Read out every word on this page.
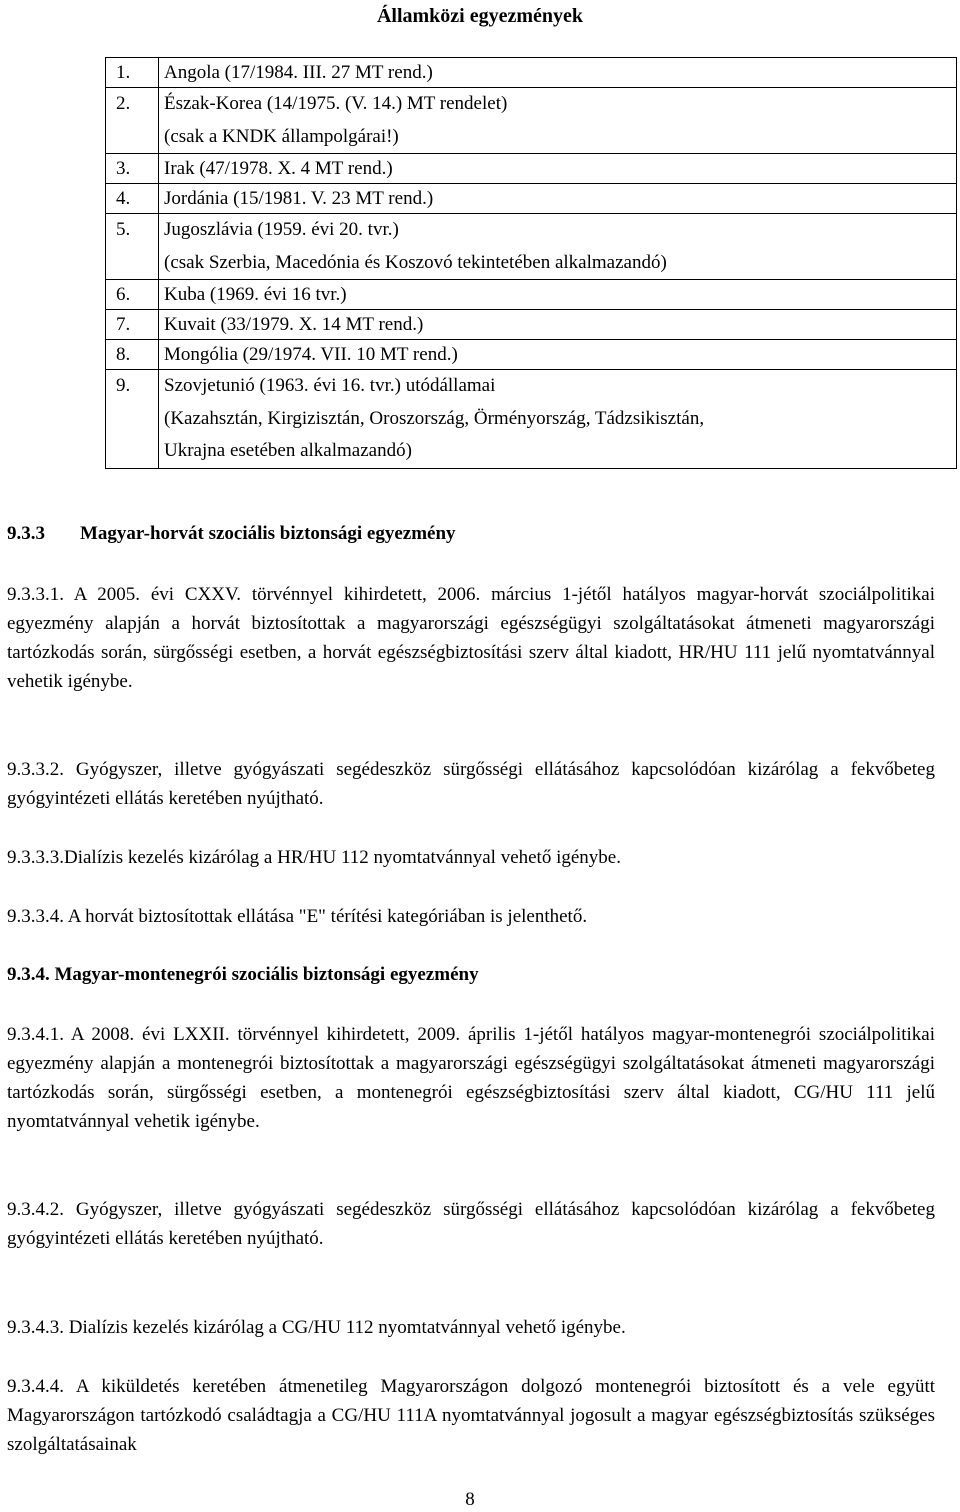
Államközi egyezmények
1.	Angola (17/1984. III. 27 MT rend.)

2.	Észak-Korea (14/1975. (V. 14.) MT rendelet)
(csak a KNDK állampolgárai!)

3.	Irak (47/1978. X. 4 MT rend.)

4.	Jordánia (15/1981. V. 23 MT rend.)

5.	Jugoszlávia (1959. évi 20. tvr.)
(csak Szerbia, Macedónia és Koszovó tekintetében alkalmazandó)

6.	Kuba (1969. évi 16 tvr.)

7.	Kuvait (33/1979. X. 14 MT rend.)

8.	Mongólia (29/1974. VII. 10 MT rend.)

9.	Szovjetunió (1963. évi 16. tvr.) utódállamai
(Kazahsztán, Kirgizisztán, Oroszország, Örményország, Tádzsikisztán,
Ukrajna esetében alkalmazandó)
9.3.3 Magyar-horvát szociális biztonsági egyezmény
9.3.3.1. A 2005. évi CXXV. törvénnyel kihirdetett, 2006. március 1-jétől hatályos magyar-horvát szociálpolitikai egyezmény alapján a horvát biztosítottak a magyarországi egészségügyi szolgáltatásokat átmeneti magyarországi tartózkodás során, sürgősségi esetben, a horvát egészségbiztosítási szerv által kiadott, HR/HU 111 jelű nyomtatvánnyal vehetik igénybe.
9.3.3.2. Gyógyszer, illetve gyógyászati segédeszköz sürgősségi ellátásához kapcsolódóan kizárólag a fekvőbeteg gyógyintézeti ellátás keretében nyújtható.
9.3.3.3.Dialízis kezelés kizárólag a HR/HU 112 nyomtatvánnyal vehető igénybe.
9.3.3.4. A horvát biztosítottak ellátása "E" térítési kategóriában is jelenthető.
9.3.4. Magyar-montenegrói szociális biztonsági egyezmény
9.3.4.1. A 2008. évi LXXII. törvénnyel kihirdetett, 2009. április 1-jétől hatályos magyar-montenegrói szociálpolitikai egyezmény alapján a montenegrói biztosítottak a magyarországi egészségügyi szolgáltatásokat átmeneti magyarországi tartózkodás során, sürgősségi esetben, a montenegrói egészségbiztosítási szerv által kiadott, CG/HU 111 jelű nyomtatvánnyal vehetik igénybe.
9.3.4.2. Gyógyszer, illetve gyógyászati segédeszköz sürgősségi ellátásához kapcsolódóan kizárólag a fekvőbeteg gyógyintézeti ellátás keretében nyújtható.
9.3.4.3. Dialízis kezelés kizárólag a CG/HU 112 nyomtatvánnyal vehető igénybe.
9.3.4.4. A kiküldetés keretében átmenetileg Magyarországon dolgozó montenegrói biztosított és a vele együtt Magyarországon tartózkodó családtagja a CG/HU 111A nyomtatvánnyal jogosult a magyar egészségbiztosítás szükséges szolgáltatásainak
8
